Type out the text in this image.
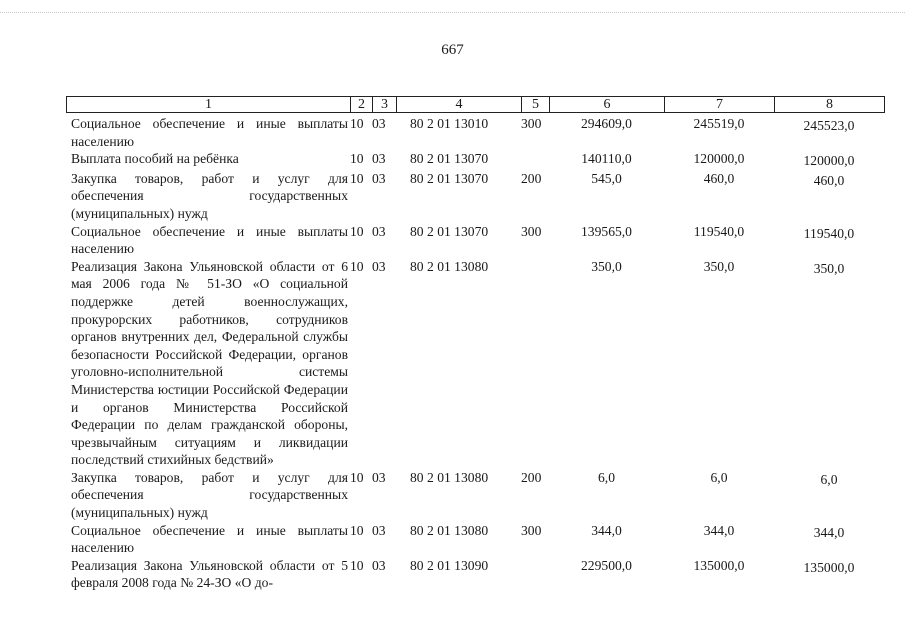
667
1	2	3	4	5	6	7	8
Социальное обеспечение и иные выплаты населению	10	03	80 2 01 13010	300	294609,0	245519,0	245523,0
Выплата пособий на ребёнка	10	03	80 2 01 13070		140110,0	120000,0	120000,0
Закупка товаров, работ и услуг для обеспечения государственных (муниципальных) нужд	10	03	80 2 01 13070	200	545,0	460,0	460,0
Социальное обеспечение и иные выплаты населению	10	03	80 2 01 13070	300	139565,0	119540,0	119540,0
Реализация Закона Ульяновской области от 6 мая 2006 года № 51-ЗО «О социальной поддержке детей военнослужащих, прокурорских работников, сотрудников органов внутренних дел, Федеральной службы безопасности Российской Федерации, органов уголовно-исполнительной системы Министерства юстиции Российской Федерации и органов Министерства Российской Федерации по делам гражданской обороны, чрезвычайным ситуациям и ликвидации последствий стихийных бедствий»	10	03	80 2 01 13080		350,0	350,0	350,0
Закупка товаров, работ и услуг для обеспечения государственных (муниципальных) нужд	10	03	80 2 01 13080	200	6,0	6,0	6,0
Социальное обеспечение и иные выплаты населению	10	03	80 2 01 13080	300	344,0	344,0	344,0
Реализация Закона Ульяновской области от 5 февраля 2008 года № 24-ЗО «О до-	10	03	80 2 01 13090		229500,0	135000,0	135000,0
